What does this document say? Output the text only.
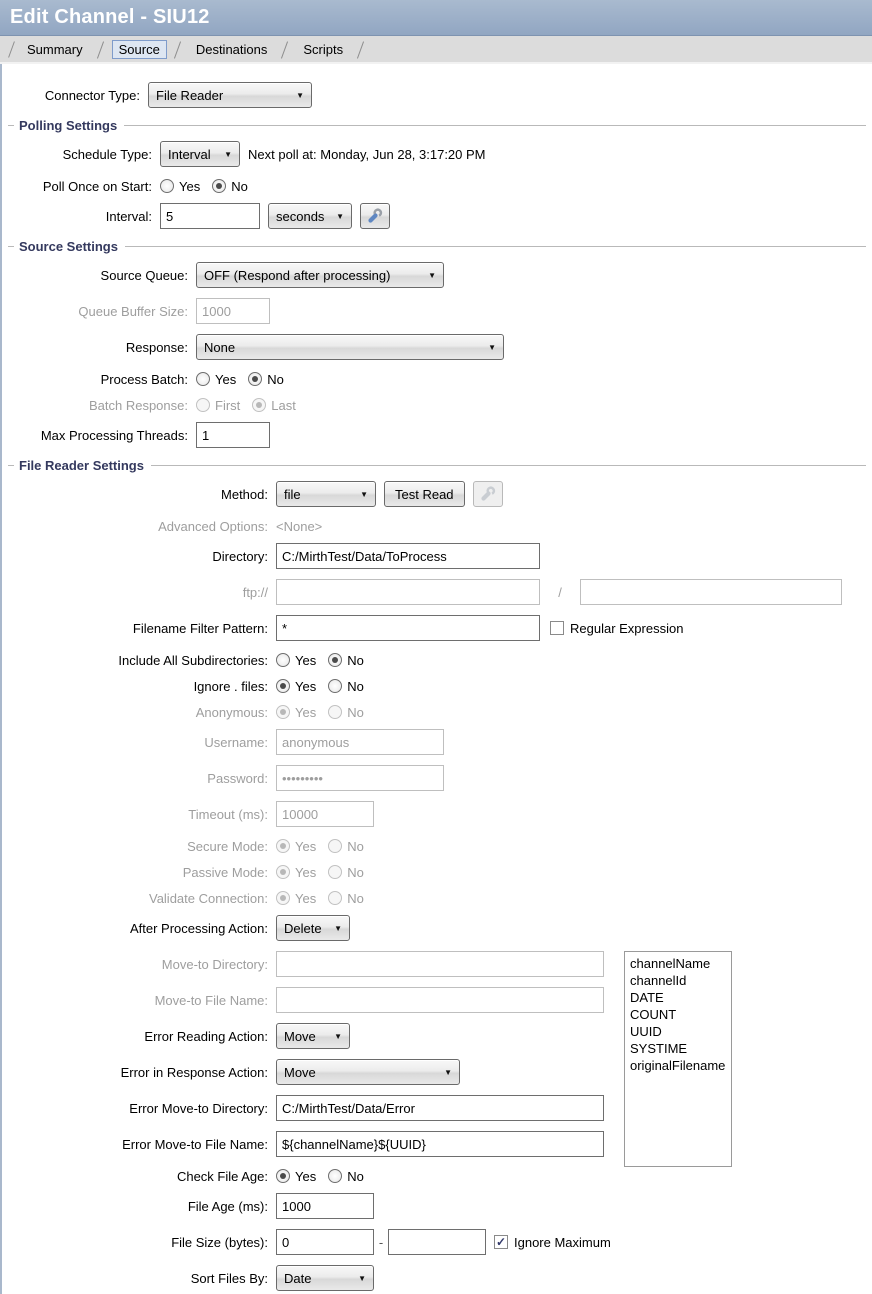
Edit Channel - SIU12
Summary	Source	Destinations	Scripts
Connector Type:	File Reader	▼
Polling Settings
Schedule Type:	Interval ▼ Next poll at: Monday, Jun 28, 3:17:20 PM
Poll Once on Start:	Yes No
Interval:
5	seconds ▼
Source Settings
Source Queue:	OFF (Respond after processing)	▼
Queue Buffer Size:
1000
Response:	None	▼
Process Batch:	Yes No
Batch Response:	First Last
Max Processing Threads:
1
File Reader Settings
Method:	file	▼ Test Read
Advanced Options: <None>
Directory:
C:/MirthTest/Data/ToProcess
ftp://	/
Filename Filter Pattern:
*	Regular Expression
Include All Subdirectories:	Yes No
Ignore . files:	Yes No
Anonymous:	Yes No
Username:
anonymous
Password:
•••••••••
Timeout (ms):
10000
Secure Mode:	Yes No
Passive Mode:	Yes No
Validate Connection:	Yes No
After Processing Action:	Delete ▼
Move-to Directory:
Move-to File Name:
Error Reading Action:	Move ▼
Error in Response Action:	Move	▼
Error Move-to Directory:
C:/MirthTest/Data/Error
Error Move-to File Name:
${channelName}${UUID}
channelName
channelId
DATE
COUNT
UUID
SYSTIME
originalFilename
Check File Age:	Yes No
File Age (ms):
1000
File Size (bytes):
0	-	✓ Ignore Maximum
Sort Files By:	Date	▼
